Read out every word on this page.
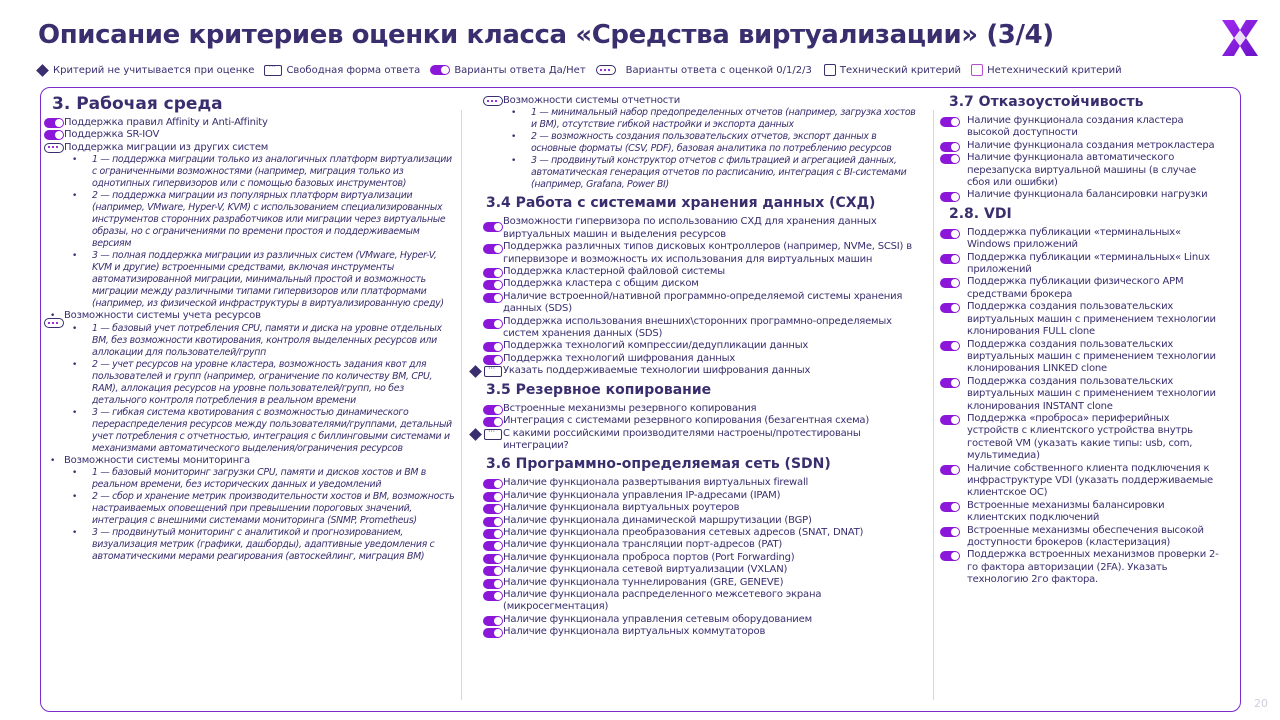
Описание критериев оценки класса «Средства виртуализации» (3/4)
Критерий не учитывается при оценке
···	Свободная форма ответа	Варианты ответа Да/Нет	Варианты ответа с оценкой 0/1/2/3	Технический критерий	Нетехнический критерий
3. Рабочая среда
Поддержка правил Affinity и Anti-Affinity
Поддержка SR-IOV
Поддержка миграции из других систем
• 1 — поддержка миграции только из аналогичных платформ виртуализации с ограниченными возможностями (например, миграция только из однотипных гипервизоров или с помощью базовых инструментов)
• 2 — поддержка миграции из популярных платформ виртуализации (например, VMware, Hyper-V, KVM) с использованием специализированных инструментов сторонних разработчиков или миграции через виртуальные образы, но с ограничениями по времени простоя и поддерживаемым версиям
• 3 — полная поддержка миграции из различных систем (VMware, Hyper-V, KVM и другие) встроенными средствами, включая инструменты автоматизированной миграции, минимальный простой и возможность миграции между различными типами гипервизоров или платформами (например, из физической инфраструктуры в виртуализированную среду)
• Возможности системы учета ресурсов
• 1 — базовый учет потребления CPU, памяти и диска на уровне отдельных ВМ, без возможности квотирования, контроля выделенных ресурсов или аллокации для пользователей/групп
• 2 — учет ресурсов на уровне кластера, возможность задания квот для пользователей и групп (например, ограничение по количеству ВМ, CPU, RAM), аллокация ресурсов на уровне пользователей/групп, но без детального контроля потребления в реальном времени
• 3 — гибкая система квотирования с возможностью динамического перераспределения ресурсов между пользователями/группами, детальный учет потребления с отчетностью, интеграция с биллинговыми системами и механизмами автоматического выделения/ограничения ресурсов
• Возможности системы мониторинга
• 1 — базовый мониторинг загрузки CPU, памяти и дисков хостов и ВМ в реальном времени, без исторических данных и уведомлений
• 2 — сбор и хранение метрик производительности хостов и ВМ, возможность настраиваемых оповещений при превышении пороговых значений, интеграция с внешними системами мониторинга (SNMP, Prometheus)
• 3 — продвинутый мониторинг с аналитикой и прогнозированием, визуализация метрик (графики, дашборды), адаптивные уведомления с автоматическими мерами реагирования (автоскейлинг, миграция ВМ)
Возможности системы отчетности
• 1 — минимальный набор предопределенных отчетов (например, загрузка хостов и ВМ), отсутствие гибкой настройки и экспорта данных
• 2 — возможность создания пользовательских отчетов, экспорт данных в основные форматы (CSV, PDF), базовая аналитика по потреблению ресурсов
• 3 — продвинутый конструктор отчетов с фильтрацией и агрегацией данных, автоматическая генерация отчетов по расписанию, интеграция с BI-системами (например, Grafana, Power BI)
3.4 Работа с системами хранения данных (СХД)
Возможности гипервизора по использованию СХД для хранения данных виртуальных машин и выделения ресурсов
Поддержка различных типов дисковых контроллеров (например, NVMe, SCSI) в гипервизоре и возможность их использования для виртуальных машин
Поддержка кластерной файловой системы
Поддержка кластера с общим диском
Наличие встроенной/нативной программно-определяемой системы хранения данных (SDS)
Поддержка использования внешних\сторонних программно-определяемых систем хранения данных (SDS)
Поддержка технологий компрессии/дедупликации данных
Поддержка технологий шифрования данных
···
Указать поддерживаемые технологии шифрования данных
3.5 Резервное копирование
Встроенные механизмы резервного копирования
Интеграция с системами резервного копирования (безагентная схема)
···
С какими российскими производителями настроены/протестированы интеграции?
3.6 Программно-определяемая сеть (SDN)
Наличие функционала развертывания виртуальных firewall
Наличие функционала управления IP-адресами (IPAM)
Наличие функционала виртуальных роутеров
Наличие функционала динамической маршрутизации (BGP)
Наличие функционала преобразования сетевых адресов (SNAT, DNAT)
Наличие функционала трансляции порт-адресов (PAT)
Наличие функционала проброса портов (Port Forwarding)
Наличие функционала сетевой виртуализации (VXLAN)
Наличие функционала туннелирования (GRE, GENEVE)
Наличие функционала распределенного межсетевого экрана (микросегментация)
Наличие функционала управления сетевым оборудованием
Наличие функционала виртуальных коммутаторов
3.7 Отказоустойчивость
Наличие функционала создания кластера высокой доступности
Наличие функционала создания метрокластера
Наличие функционала автоматического перезапуска виртуальной машины (в случае сбоя или ошибки)
Наличие функционала балансировки нагрузки
2.8. VDI
Поддержка публикации «терминальных« Windows приложений
Поддержка публикации «терминальных« Linux приложений
Поддержка публикации физического АРМ средствами брокера
Поддержка создания пользовательских виртуальных машин с применением технологии клонирования FULL clone
Поддержка создания пользовательских виртуальных машин с применением технологии клонирования LINKED clone
Поддержка создания пользовательских виртуальных машин с применением технологии клонирования INSTANT clone
Поддержка «проброса» периферийных устройств с клиентского устройства внутрь гостевой VM (указать какие типы: usb, com, мультимедиа)
Наличие собственного клиента подключения к инфраструктуре VDI (указать поддерживаемые клиентское ОС)
Встроенные механизмы балансировки клиентских подключений
Встроенные механизмы обеспечения высокой доступности брокеров (кластеризация)
Поддержка встроенных механизмов проверки 2-го фактора авторизации (2FA). Указать технологию 2го фактора.
20
